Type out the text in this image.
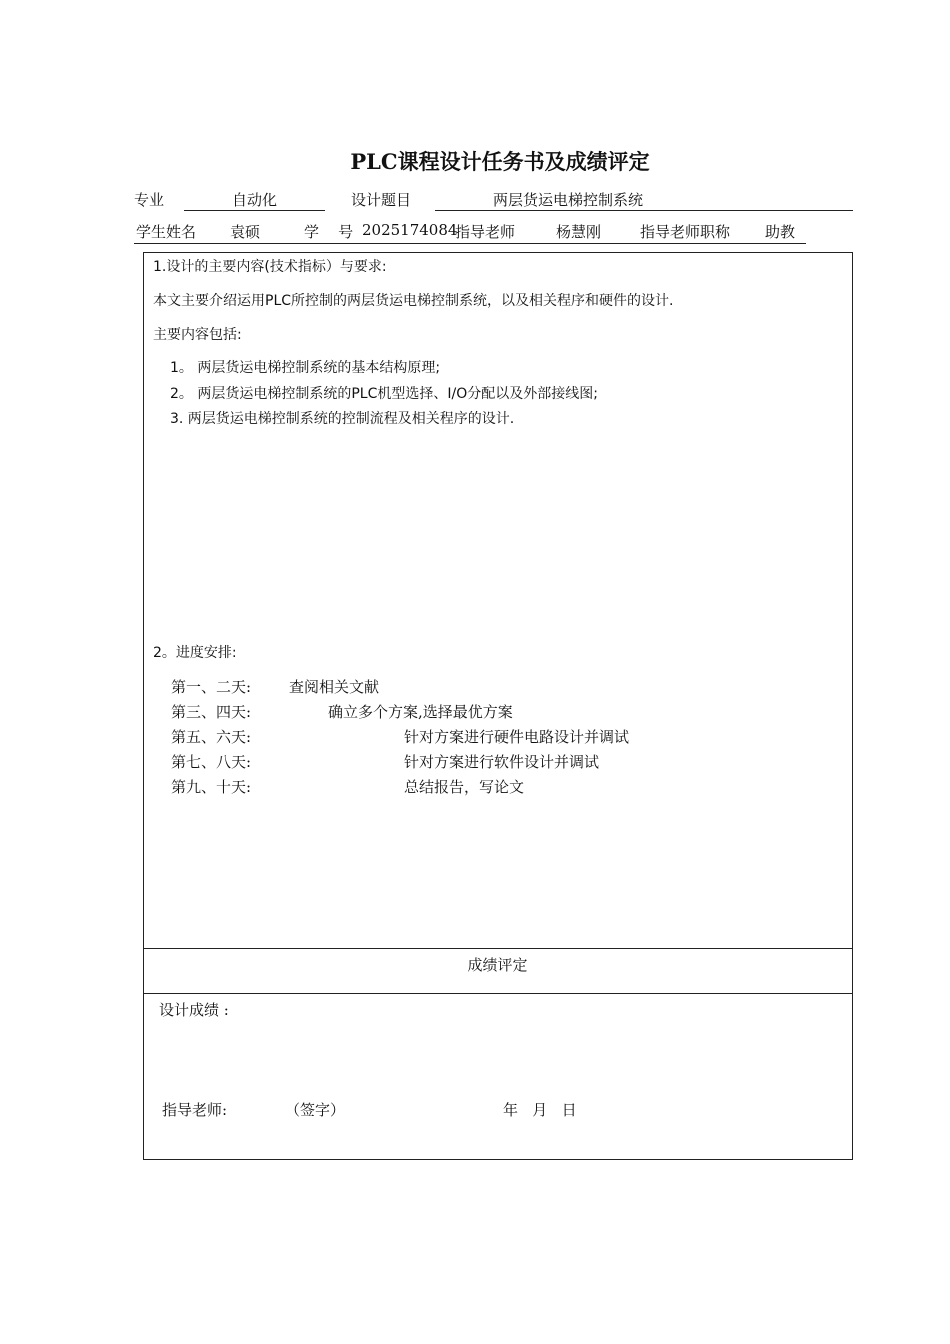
PLC课程设计任务书及成绩评定
专业	自动化	设计题目	两层货运电梯控制系统
学生姓名 袁硕	学    号 2025174084
指导老师	杨慧刚	指导老师职称 助教
1.设计的主要内容(技术指标）与要求:
本文主要介绍运用PLC所控制的两层货运电梯控制系统，以及相关程序和硬件的设计.
主要内容包括:
1。 两层货运电梯控制系统的基本结构原理;
2。 两层货运电梯控制系统的PLC机型选择、I/O分配以及外部接线图;
3. 两层货运电梯控制系统的控制流程及相关程序的设计.
2。进度安排:
第一、二天:	查阅相关文献
第三、四天:	确立多个方案,选择最优方案
第五、六天:	针对方案进行硬件电路设计并调试
第七、八天:	针对方案进行软件设计并调试
第九、十天:	总结报告，写论文
成绩评定
设计成绩 :
指导老师:	（签字）	年   月   日
